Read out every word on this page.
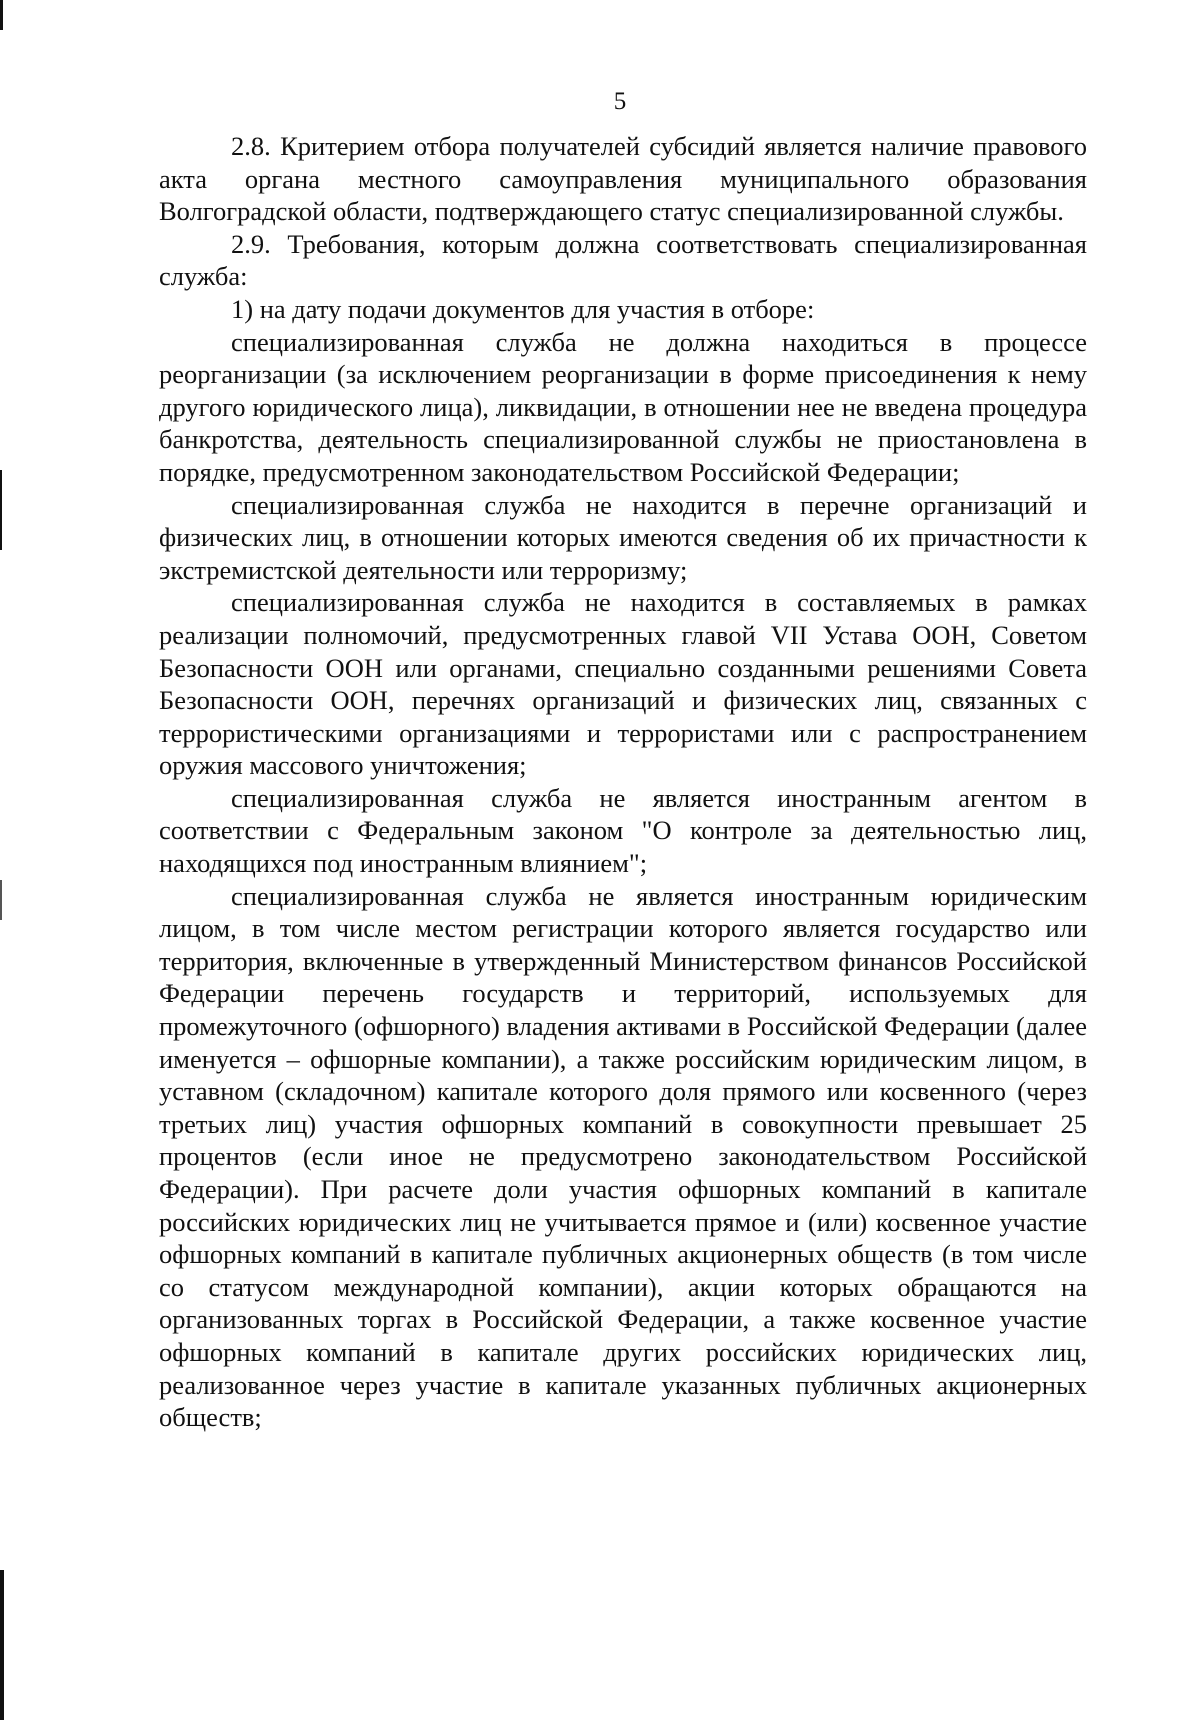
5

2.8. Критерием отбора получателей субсидий является наличие правового акта органа местного самоуправления муниципального образования Волгоградской области, подтверждающего статус специализированной службы.

2.9. Требования, которым должна соответствовать специализированная служба:

1) на дату подачи документов для участия в отборе:

специализированная служба не должна находиться в процессе реорганизации (за исключением реорганизации в форме присоединения к нему другого юридического лица), ликвидации, в отношении нее не введена процедура банкротства, деятельность специализированной службы не приостановлена в порядке, предусмотренном законодательством Российской Федерации;

специализированная служба не находится в перечне организаций и физических лиц, в отношении которых имеются сведения об их причастности к экстремистской деятельности или терроризму;

специализированная служба не находится в составляемых в рамках реализации полномочий, предусмотренных главой VII Устава ООН, Советом Безопасности ООН или органами, специально созданными решениями Совета Безопасности ООН, перечнях организаций и физических лиц, связанных с террористическими организациями и террористами или с распространением оружия массового уничтожения;

специализированная служба не является иностранным агентом в соответствии с Федеральным законом "О контроле за деятельностью лиц, находящихся под иностранным влиянием";

специализированная служба не является иностранным юридическим лицом, в том числе местом регистрации которого является государство или территория, включенные в утвержденный Министерством финансов Российской Федерации перечень государств и территорий, используемых для промежуточного (офшорного) владения активами в Российской Федерации (далее именуется – офшорные компании), а также российским юридическим лицом, в уставном (складочном) капитале которого доля прямого или косвенного (через третьих лиц) участия офшорных компаний в совокупности превышает 25 процентов (если иное не предусмотрено законодательством Российской Федерации). При расчете доли участия офшорных компаний в капитале российских юридических лиц не учитывается прямое и (или) косвенное участие офшорных компаний в капитале публичных акционерных обществ (в том числе со статусом международной компании), акции которых обращаются на организованных торгах в Российской Федерации, а также косвенное участие офшорных компаний в капитале других российских юридических лиц, реализованное через участие в капитале указанных публичных акционерных обществ;
